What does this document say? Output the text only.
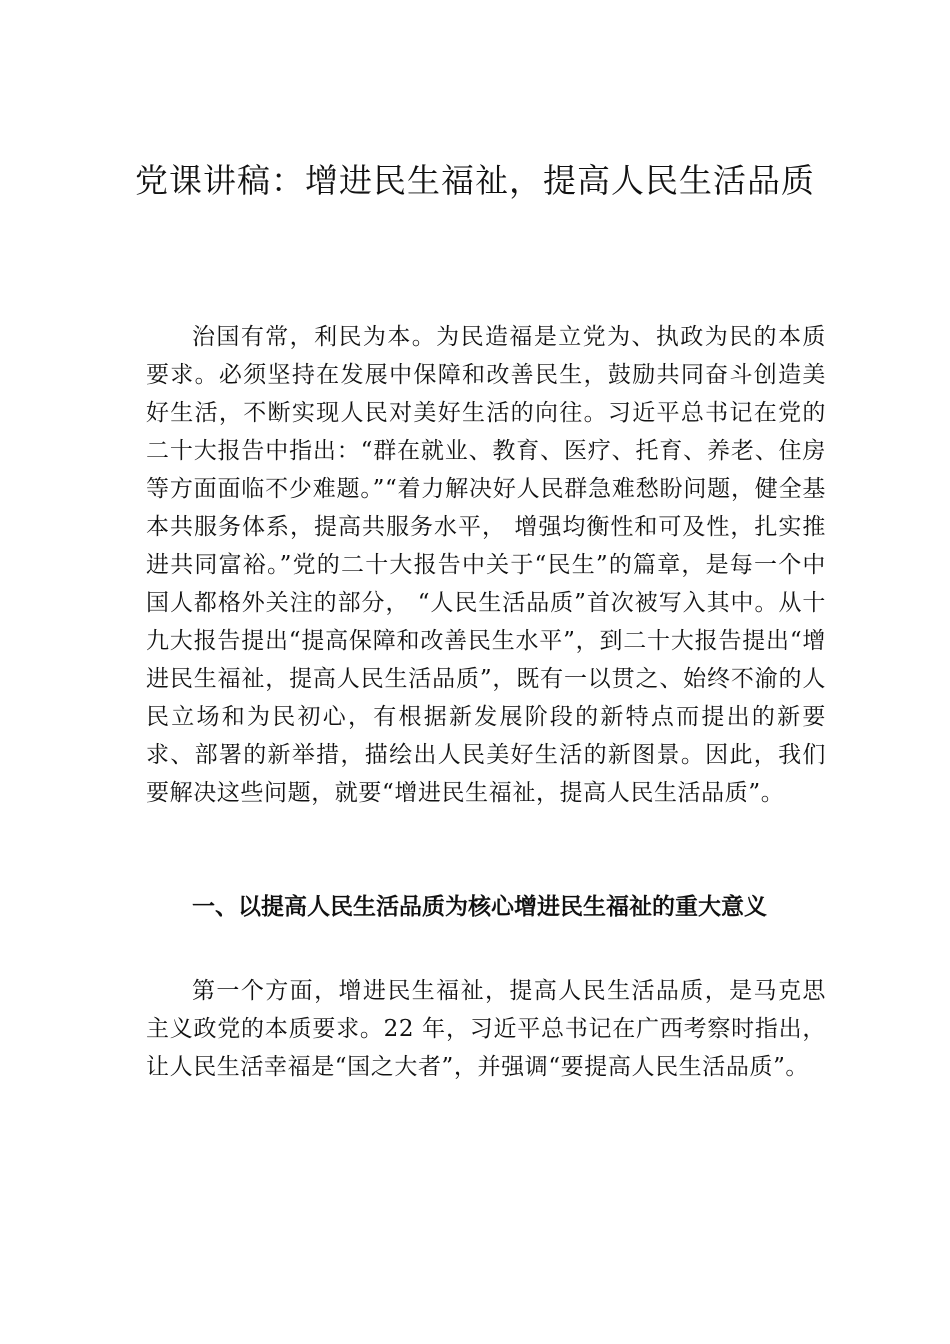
党课讲稿：增进民生福祉，提高人民生活品质

治国有常，利民为本。为民造福是立党为、执政为民的本质要求。必须坚持在发展中保障和改善民生，鼓励共同奋斗创造美好生活，不断实现人民对美好生活的向往。习近平总书记在党的二十大报告中指出：“群在就业、教育、医疗、托育、养老、住房等方面面临不少难题。”“着力解决好人民群急难愁盼问题，健全基本共服务体系，提高共服务水平， 增强均衡性和可及性，扎实推进共同富裕。”党的二十大报告中关于“民生”的篇章，是每一个中国人都格外关注的部分， “人民生活品质”首次被写入其中。从十九大报告提出“提高保障和改善民生水平”，到二十大报告提出“增进民生福祉，提高人民生活品质”，既有一以贯之、始终不渝的人民立场和为民初心，有根据新发展阶段的新特点而提出的新要求、部署的新举措，描绘出人民美好生活的新图景。因此，我们要解决这些问题，就要“增进民生福祉，提高人民生活品质”。

一、以提高人民生活品质为核心增进民生福祉的重大意义

第一个方面，增进民生福祉，提高人民生活品质，是马克思主义政党的本质要求。22 年，习近平总书记在广西考察时指出，让人民生活幸福是“国之大者”，并强调“要提高人民生活品质”。
